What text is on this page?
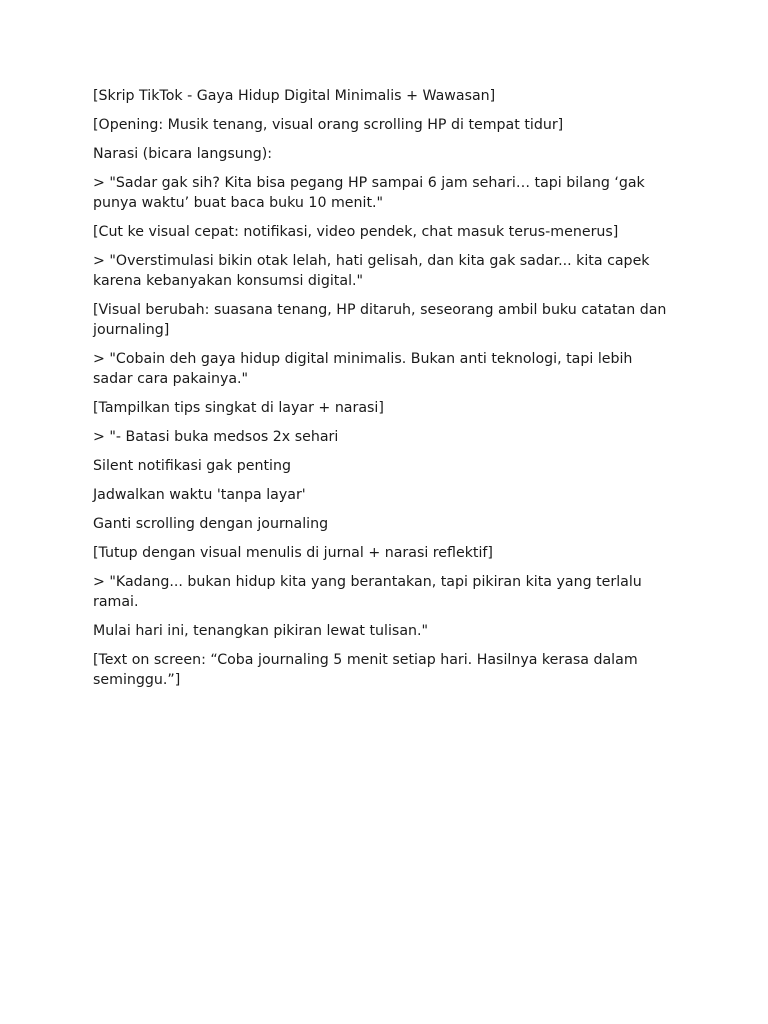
[Skrip TikTok - Gaya Hidup Digital Minimalis + Wawasan]

[Opening: Musik tenang, visual orang scrolling HP di tempat tidur]

Narasi (bicara langsung):

> "Sadar gak sih? Kita bisa pegang HP sampai 6 jam sehari… tapi bilang ‘gak punya waktu’ buat baca buku 10 menit."

[Cut ke visual cepat: notifikasi, video pendek, chat masuk terus-menerus]

> "Overstimulasi bikin otak lelah, hati gelisah, dan kita gak sadar... kita capek karena kebanyakan konsumsi digital."

[Visual berubah: suasana tenang, HP ditaruh, seseorang ambil buku catatan dan journaling]

> "Cobain deh gaya hidup digital minimalis. Bukan anti teknologi, tapi lebih sadar cara pakainya."

[Tampilkan tips singkat di layar + narasi]

> "- Batasi buka medsos 2x sehari

Silent notifikasi gak penting

Jadwalkan waktu 'tanpa layar'

Ganti scrolling dengan journaling

[Tutup dengan visual menulis di jurnal + narasi reflektif]

> "Kadang... bukan hidup kita yang berantakan, tapi pikiran kita yang terlalu ramai.

Mulai hari ini, tenangkan pikiran lewat tulisan."

[Text on screen: “Coba journaling 5 menit setiap hari. Hasilnya kerasa dalam seminggu.”]
